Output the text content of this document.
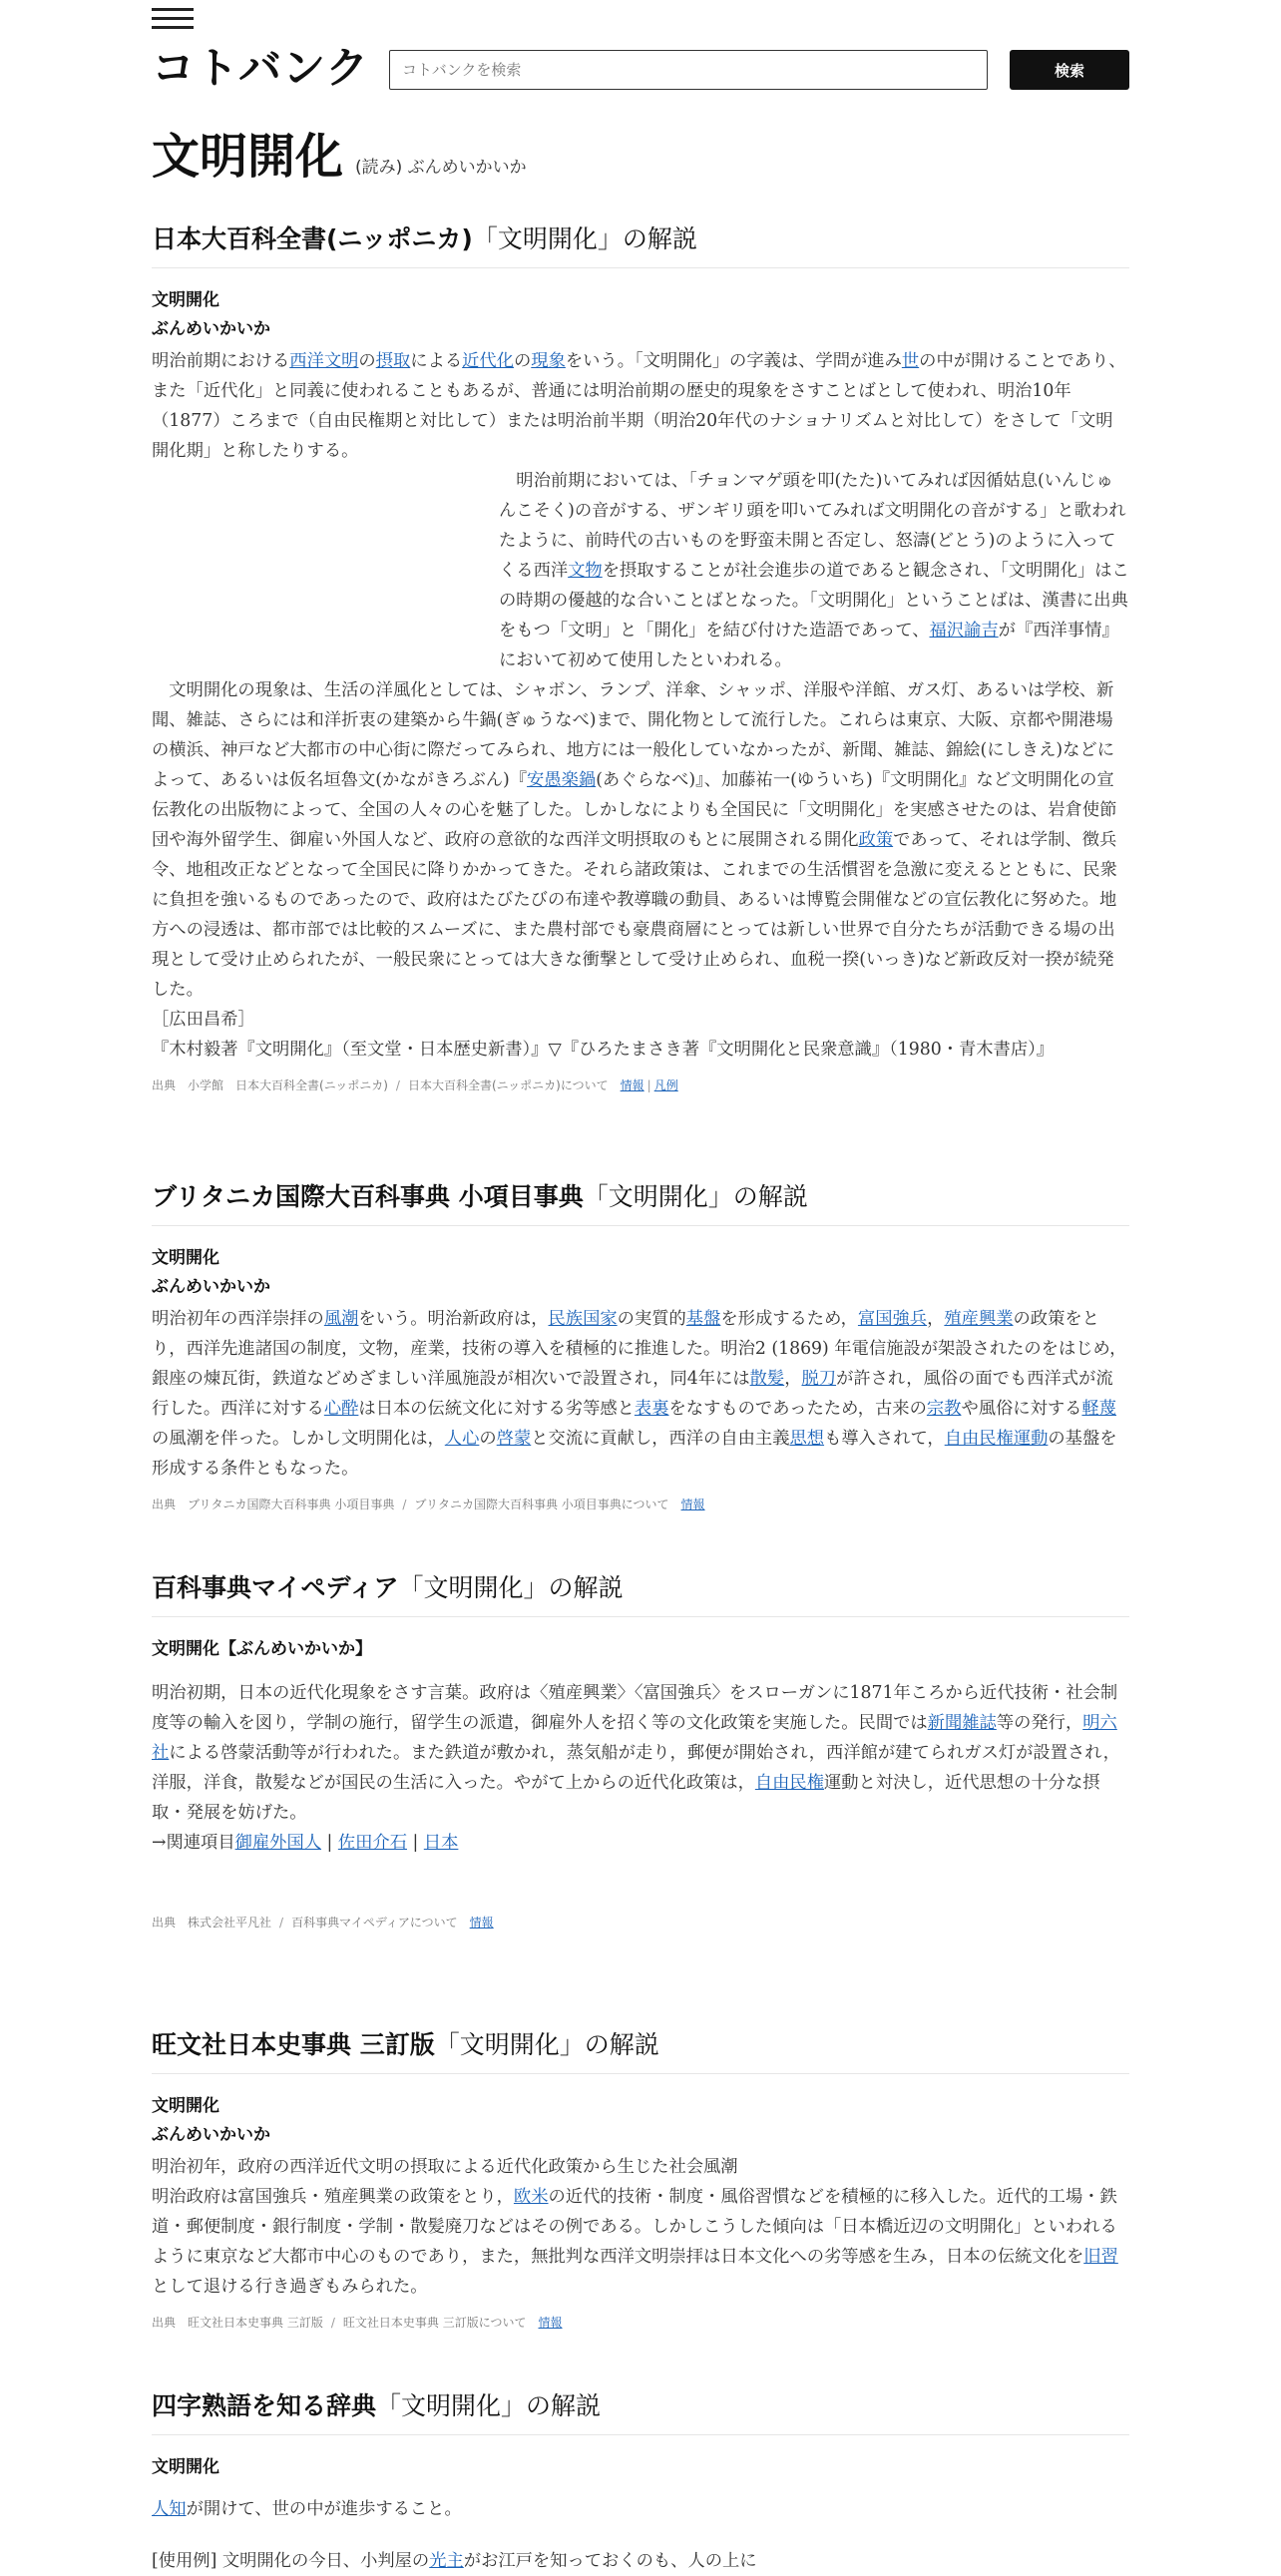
コトバンク
コトバンクを検索	検索
文明開化 (読み) ぶんめいかいか
日本大百科全書(ニッポニカ)「文明開化」の解説
文明開化
ぶんめいかいか

明治前期における西洋文明の摂取による近代化の現象をいう。「文明開化」の字義は、学問が進み世の中が開けることであり、また「近代化」と同義に使われることもあるが、普通には明治前期の歴史的現象をさすことばとして使われ、明治10年（1877）ころまで（自由民権期と対比して）または明治前半期（明治20年代のナショナリズムと対比して）をさして「文明開化期」と称したりする。

明治前期においては、「チョンマゲ頭を叩(たた)いてみれば因循姑息(いんじゅんこそく)の音がする、ザンギリ頭を叩いてみれば文明開化の音がする」と歌われたように、前時代の古いものを野蛮未開と否定し、怒濤(どとう)のように入ってくる西洋文物を摂取することが社会進歩の道であると観念され、「文明開化」はこの時期の優越的な合いことばとなった。「文明開化」ということばは、漢書に出典をもつ「文明」と「開化」を結び付けた造語であって、福沢諭吉が『西洋事情』において初めて使用したといわれる。

文明開化の現象は、生活の洋風化としては、シャボン、ランプ、洋傘、シャッポ、洋服や洋館、ガス灯、あるいは学校、新聞、雑誌、さらには和洋折衷の建築から牛鍋(ぎゅうなべ)まで、開化物として流行した。これらは東京、大阪、京都や開港場の横浜、神戸など大都市の中心街に際だってみられ、地方には一般化していなかったが、新聞、雑誌、錦絵(にしきえ)などによって、あるいは仮名垣魯文(かながきろぶん)『安愚楽鍋(あぐらなべ)』、加藤祐一(ゆういち)『文明開化』など文明開化の宣伝教化の出版物によって、全国の人々の心を魅了した。しかしなによりも全国民に「文明開化」を実感させたのは、岩倉使節団や海外留学生、御雇い外国人など、政府の意欲的な西洋文明摂取のもとに展開される開化政策であって、それは学制、徴兵令、地租改正などとなって全国民に降りかかってきた。それら諸政策は、これまでの生活慣習を急激に変えるとともに、民衆に負担を強いるものであったので、政府はたびたびの布達や教導職の動員、あるいは博覧会開催などの宣伝教化に努めた。地方への浸透は、都市部では比較的スムーズに、また農村部でも豪農商層にとっては新しい世界で自分たちが活動できる場の出現として受け止められたが、一般民衆にとっては大きな衝撃として受け止められ、血税一揆(いっき)など新政反対一揆が続発した。

［広田昌希］

『木村毅著『文明開化』（至文堂・日本歴史新書）』▽『ひろたまさき著『文明開化と民衆意識』（1980・青木書店）』

出典　 小学館　日本大百科全書(ニッポニカ) / 日本大百科全書(ニッポニカ)について　 情報 | 凡例
ブリタニカ国際大百科事典 小項目事典「文明開化」の解説
文明開化
ぶんめいかいか

明治初年の西洋崇拝の風潮をいう。明治新政府は，民族国家の実質的基盤を形成するため，富国強兵，殖産興業の政策をとり，西洋先進諸国の制度，文物，産業，技術の導入を積極的に推進した。明治2 (1869) 年電信施設が架設されたのをはじめ，銀座の煉瓦街，鉄道などめざましい洋風施設が相次いで設置され，同4年には散髪，脱刀が許され，風俗の面でも西洋式が流行した。西洋に対する心酔は日本の伝統文化に対する劣等感と表裏をなすものであったため，古来の宗教や風俗に対する軽蔑の風潮を伴った。しかし文明開化は，人心の啓蒙と交流に貢献し，西洋の自由主義思想も導入されて，自由民権運動の基盤を形成する条件ともなった。

出典　 ブリタニカ国際大百科事典 小項目事典 / ブリタニカ国際大百科事典 小項目事典について　 情報
百科事典マイペディア「文明開化」の解説
文明開化【ぶんめいかいか】

明治初期，日本の近代化現象をさす言葉。政府は〈殖産興業〉〈富国強兵〉をスローガンに1871年ころから近代技術・社会制度等の輸入を図り，学制の施行，留学生の派遣，御雇外人を招く等の文化政策を実施した。民間では新聞雑誌等の発行，明六社による啓蒙活動等が行われた。また鉄道が敷かれ，蒸気船が走り，郵便が開始され，西洋館が建てられガス灯が設置され，洋服，洋食，散髪などが国民の生活に入った。やがて上からの近代化政策は，自由民権運動と対決し，近代思想の十分な摂取・発展を妨げた。

→関連項目御雇外国人 | 佐田介石 | 日本

出典　 株式会社平凡社 / 百科事典マイペディアについて　 情報
旺文社日本史事典 三訂版「文明開化」の解説
文明開化
ぶんめいかいか

明治初年，政府の西洋近代文明の摂取による近代化政策から生じた社会風潮

明治政府は富国強兵・殖産興業の政策をとり，欧米の近代的技術・制度・風俗習慣などを積極的に移入した。近代的工場・鉄道・郵便制度・銀行制度・学制・散髪廃刀などはその例である。しかしこうした傾向は「日本橋近辺の文明開化」といわれるように東京など大都市中心のものであり，また，無批判な西洋文明崇拝は日本文化への劣等感を生み，日本の伝統文化を旧習として退ける行き過ぎもみられた。

出典　 旺文社日本史事典 三訂版 / 旺文社日本史事典 三訂版について　 情報
四字熟語を知る辞典「文明開化」の解説
文明開化

人知が開けて、世の中が進歩すること。

[使用例] 文明開化の今日、小判屋の光主がお江戸を知っておくのも、人の上に
